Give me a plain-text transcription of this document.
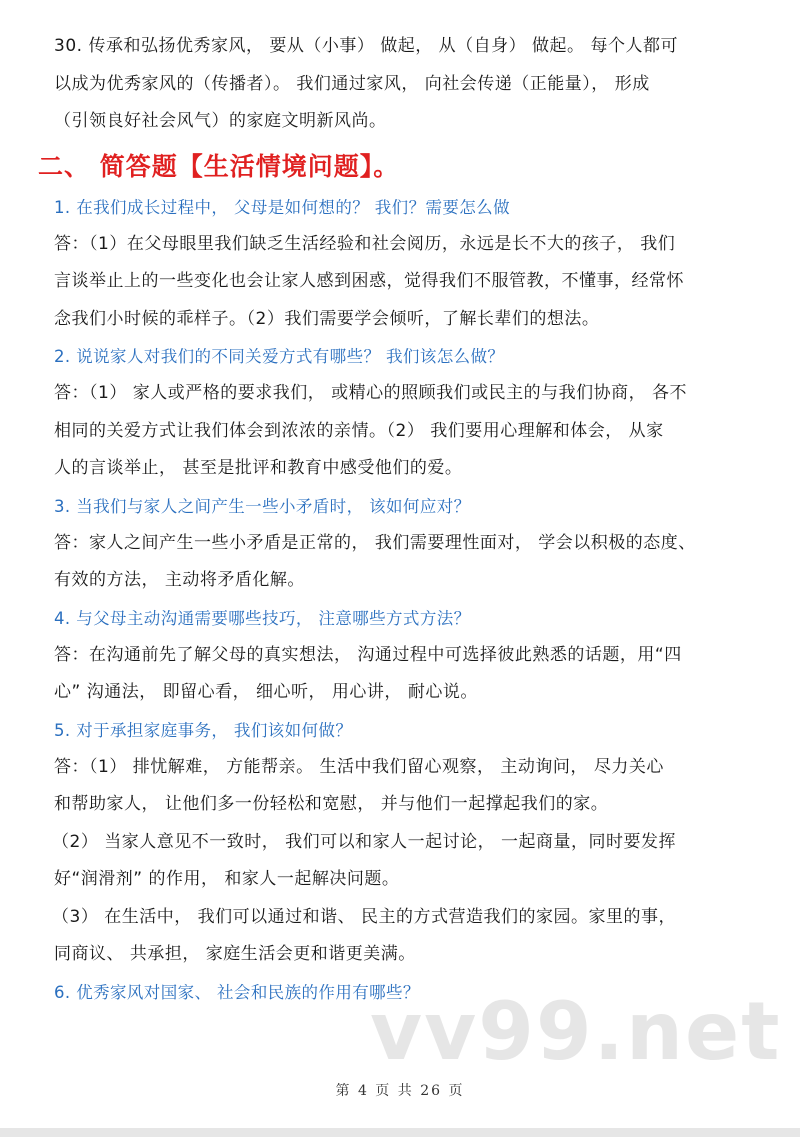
30. 传承和弘扬优秀家风， 要从（小事） 做起， 从（自身） 做起。 每个人都可

以成为优秀家风的（传播者）。 我们通过家风， 向社会传递（正能量）， 形成

（引领良好社会风气）的家庭文明新风尚。

二、 简答题【生活情境问题】。

1. 在我们成长过程中， 父母是如何想的？ 我们？需要怎么做

答：（1）在父母眼里我们缺乏生活经验和社会阅历，永远是长不大的孩子， 我们

言谈举止上的一些变化也会让家人感到困惑，觉得我们不服管教，不懂事，经常怀

念我们小时候的乖样子。（2）我们需要学会倾听，了解长辈们的想法。

2. 说说家人对我们的不同关爱方式有哪些？ 我们该怎么做？

答：（1） 家人或严格的要求我们， 或精心的照顾我们或民主的与我们协商， 各不

相同的关爱方式让我们体会到浓浓的亲情。（2） 我们要用心理解和体会， 从家

人的言谈举止， 甚至是批评和教育中感受他们的爱。

3. 当我们与家人之间产生一些小矛盾时， 该如何应对？

答：家人之间产生一些小矛盾是正常的， 我们需要理性面对， 学会以积极的态度、

有效的方法， 主动将矛盾化解。

4. 与父母主动沟通需要哪些技巧， 注意哪些方式方法？

答：在沟通前先了解父母的真实想法， 沟通过程中可选择彼此熟悉的话题，用“四

心” 沟通法， 即留心看， 细心听， 用心讲， 耐心说。

5. 对于承担家庭事务， 我们该如何做？

答：（1） 排忧解难， 方能帮亲。 生活中我们留心观察， 主动询问， 尽力关心

和帮助家人， 让他们多一份轻松和宽慰， 并与他们一起撑起我们的家。

（2） 当家人意见不一致时， 我们可以和家人一起讨论， 一起商量，同时要发挥

好“润滑剂” 的作用， 和家人一起解决问题。

（3） 在生活中， 我们可以通过和谐、 民主的方式营造我们的家园。家里的事，

同商议、 共承担， 家庭生活会更和谐更美满。

6. 优秀家风对国家、 社会和民族的作用有哪些？

vv99.net
第 4 页 共 26 页
